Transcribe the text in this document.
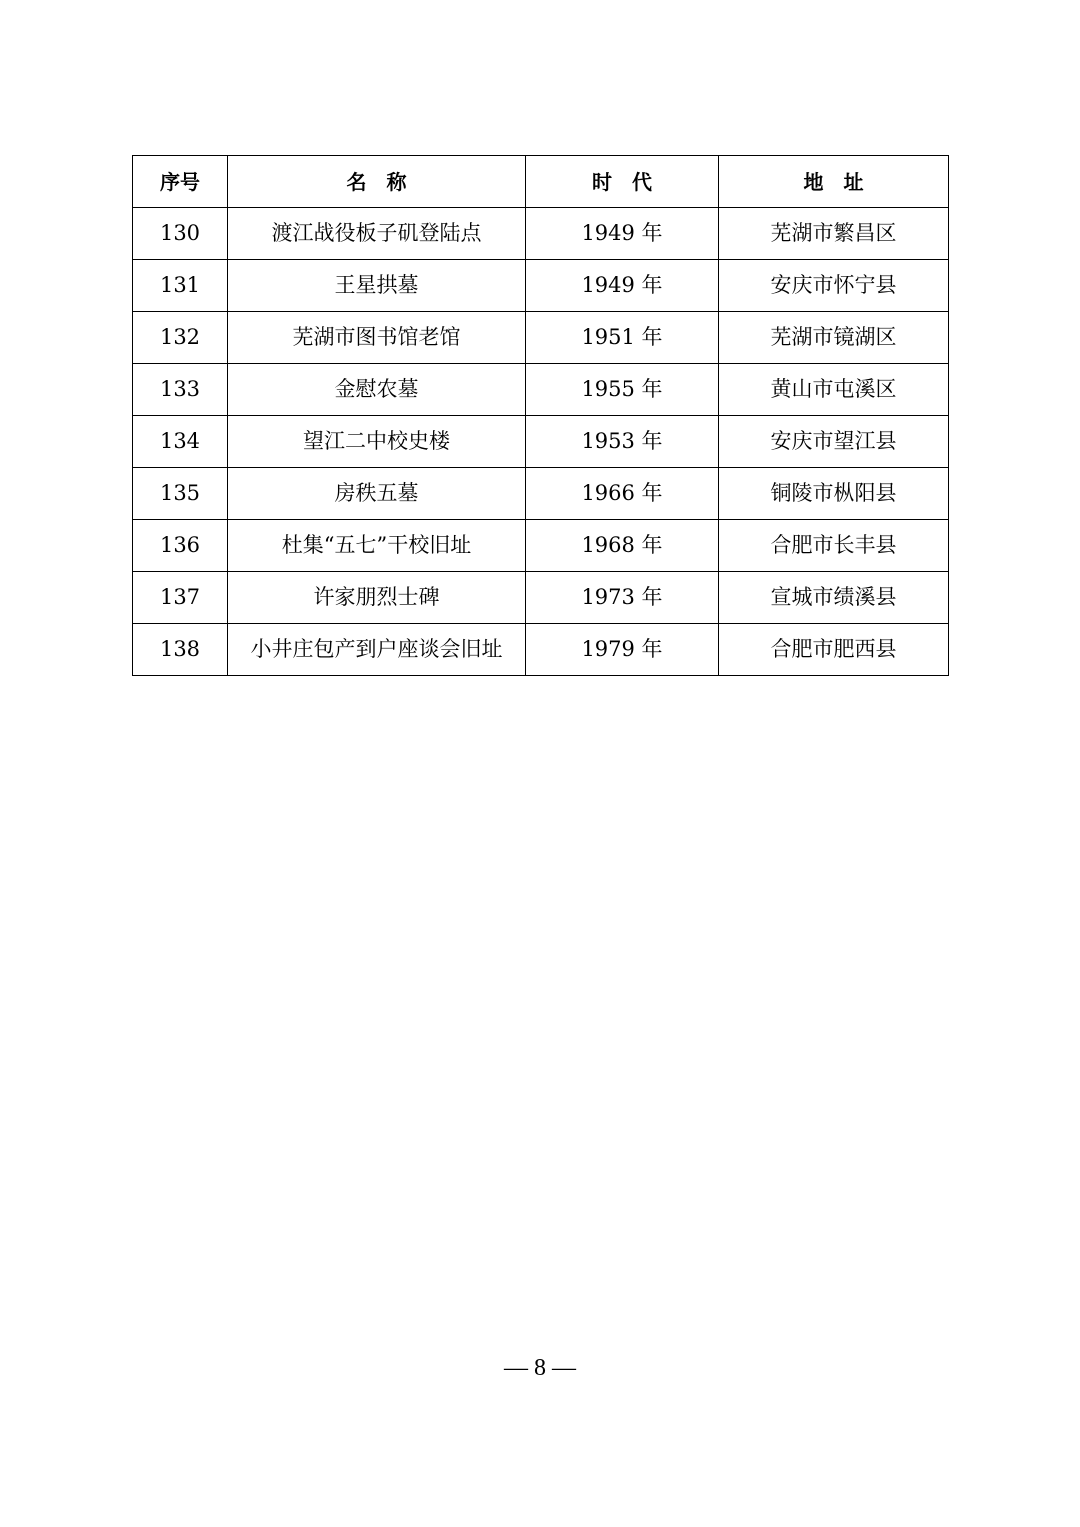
序号	名　称	时　代	地　址
130	渡江战役板子矶登陆点	1949 年	芜湖市繁昌区
131	王星拱墓	1949 年	安庆市怀宁县
132	芜湖市图书馆老馆	1951 年	芜湖市镜湖区
133	金慰农墓	1955 年	黄山市屯溪区
134	望江二中校史楼	1953 年	安庆市望江县
135	房秩五墓	1966 年	铜陵市枞阳县
136	杜集“五七”干校旧址	1968 年	合肥市长丰县
137	许家朋烈士碑	1973 年	宣城市绩溪县
138	小井庄包产到户座谈会旧址	1979 年	合肥市肥西县
— 8 —
